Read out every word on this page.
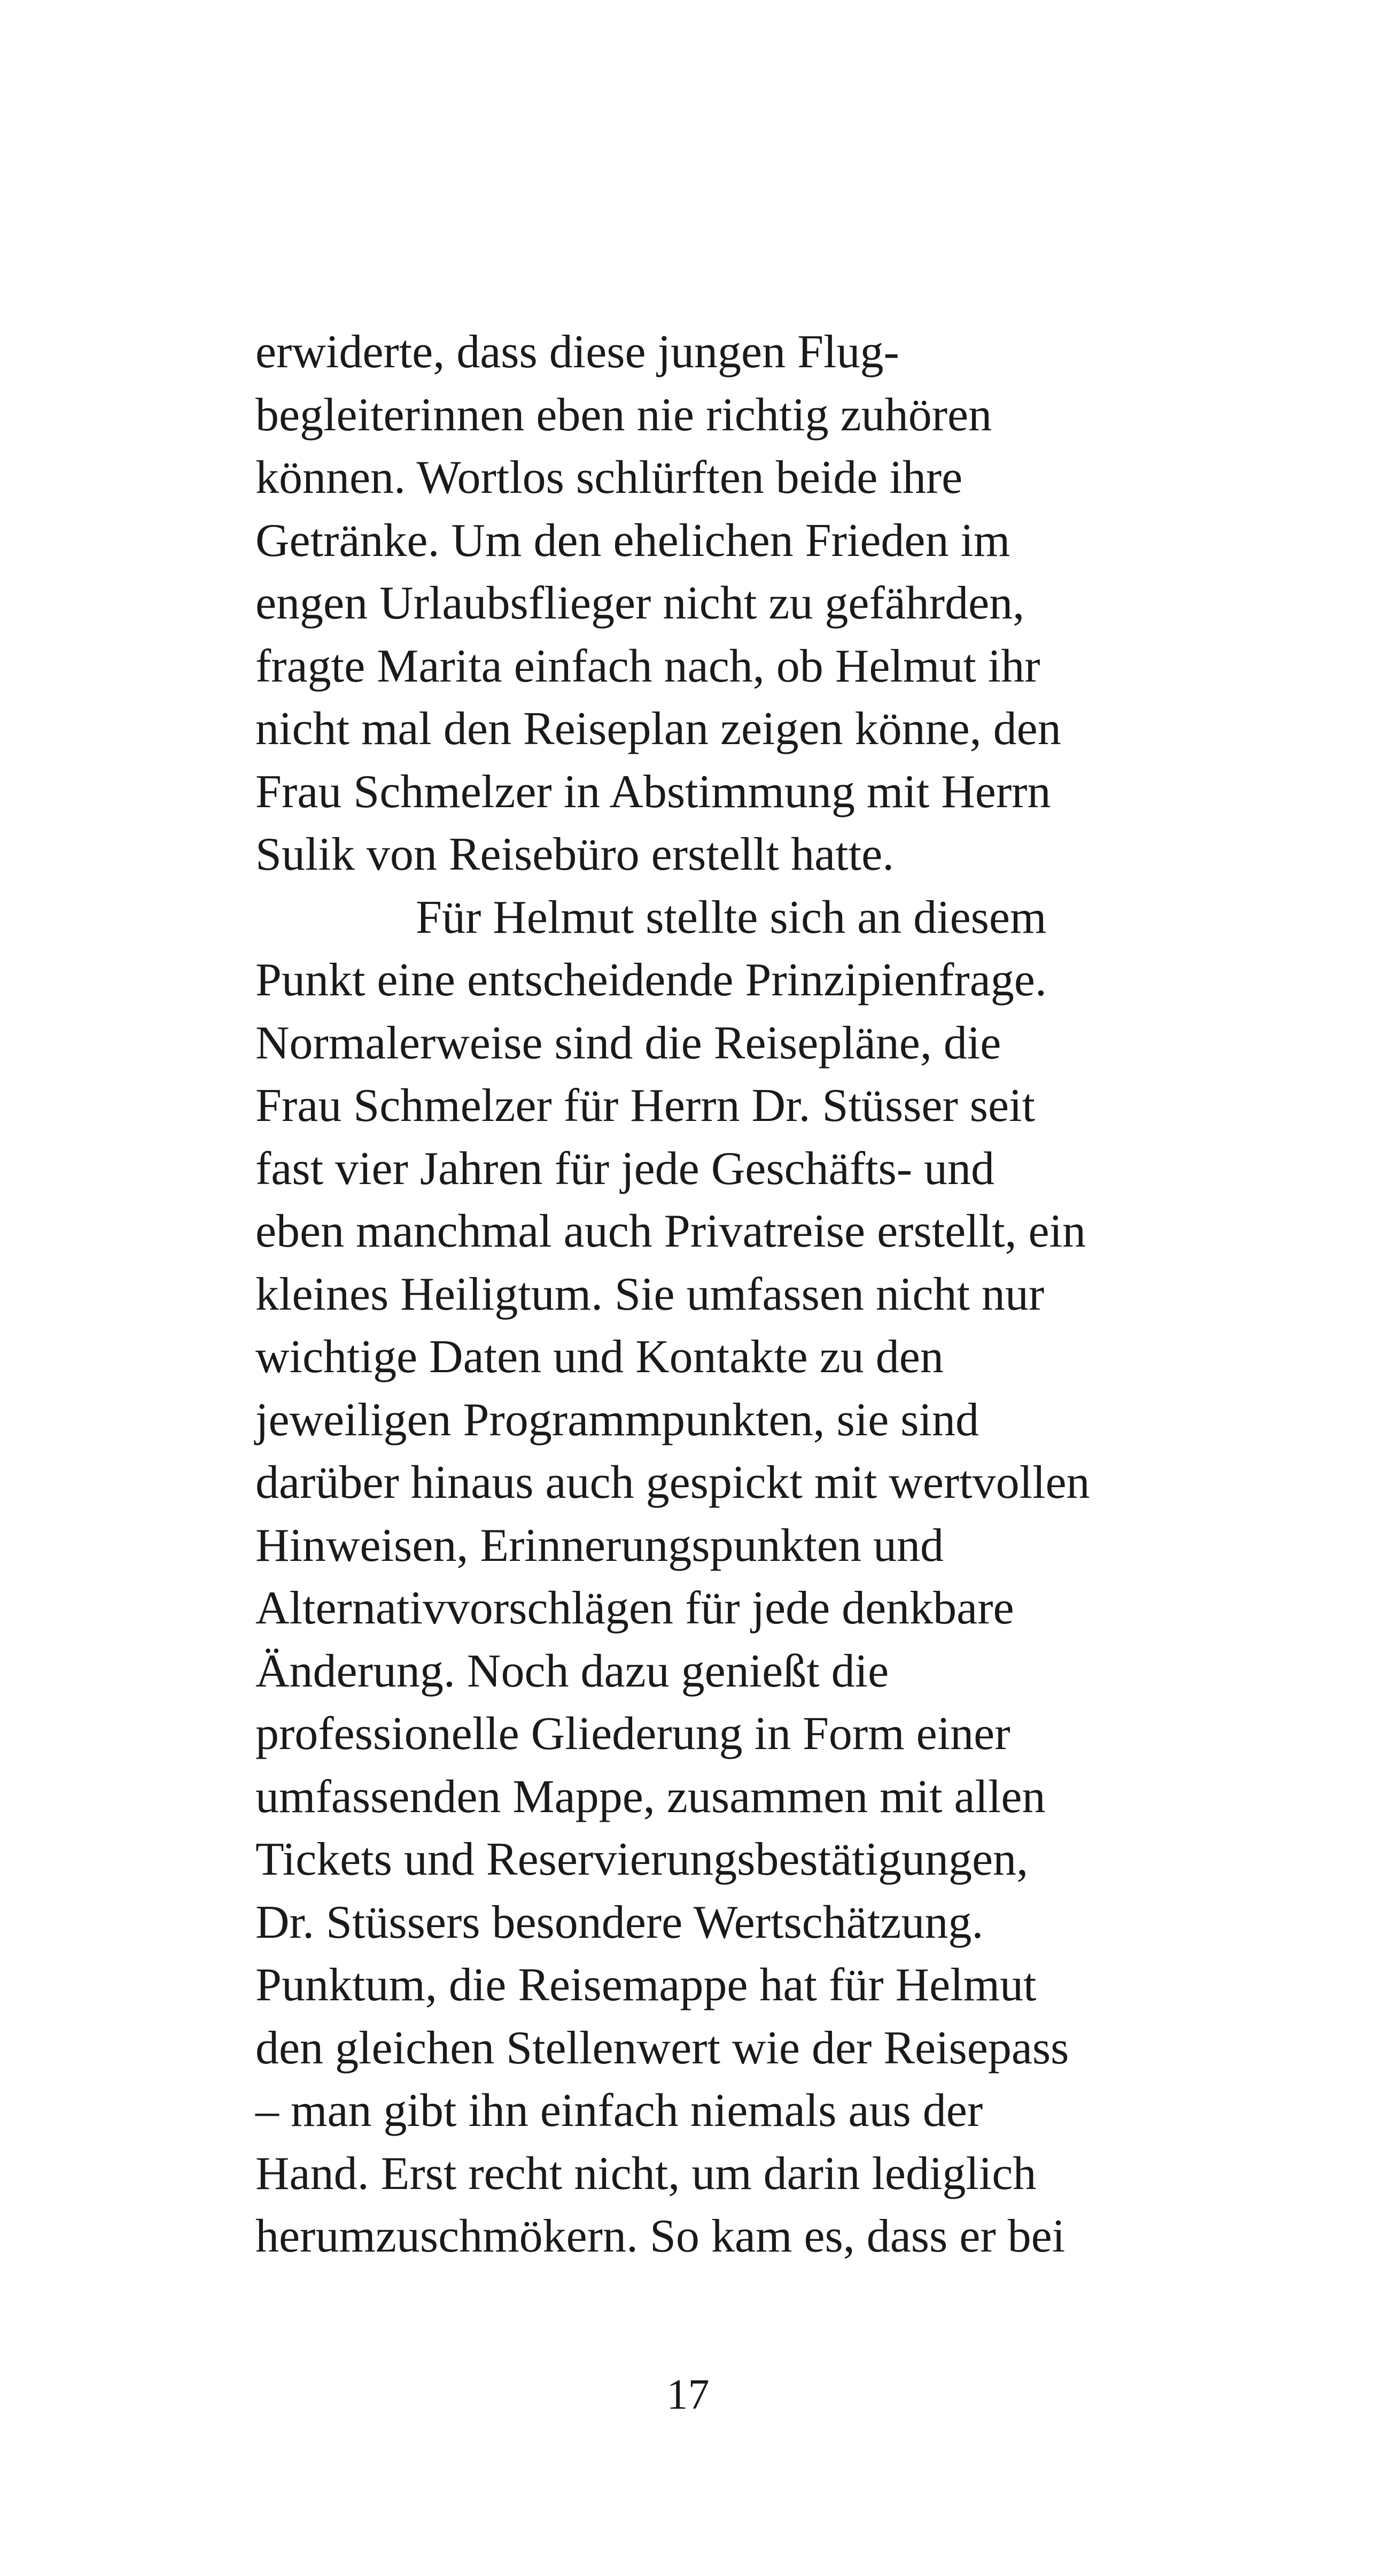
erwiderte, dass diese jungen Flug-
begleiterinnen eben nie richtig zuhören
können. Wortlos schlürften beide ihre
Getränke. Um den ehelichen Frieden im
engen Urlaubsflieger nicht zu gefährden,
fragte Marita einfach nach, ob Helmut ihr
nicht mal den Reiseplan zeigen könne, den
Frau Schmelzer in Abstimmung mit Herrn
Sulik von Reisebüro erstellt hatte.
Für Helmut stellte sich an diesem
Punkt eine entscheidende Prinzipienfrage.
Normalerweise sind die Reisepläne, die
Frau Schmelzer für Herrn Dr. Stüsser seit
fast vier Jahren für jede Geschäfts- und
eben manchmal auch Privatreise erstellt, ein
kleines Heiligtum. Sie umfassen nicht nur
wichtige Daten und Kontakte zu den
jeweiligen Programmpunkten, sie sind
darüber hinaus auch gespickt mit wertvollen
Hinweisen, Erinnerungspunkten und
Alternativvorschlägen für jede denkbare
Änderung. Noch dazu genießt die
professionelle Gliederung in Form einer
umfassenden Mappe, zusammen mit allen
Tickets und Reservierungsbestätigungen,
Dr. Stüssers besondere Wertschätzung.
Punktum, die Reisemappe hat für Helmut
den gleichen Stellenwert wie der Reisepass
– man gibt ihn einfach niemals aus der
Hand. Erst recht nicht, um darin lediglich
herumzuschmökern. So kam es, dass er bei
17
